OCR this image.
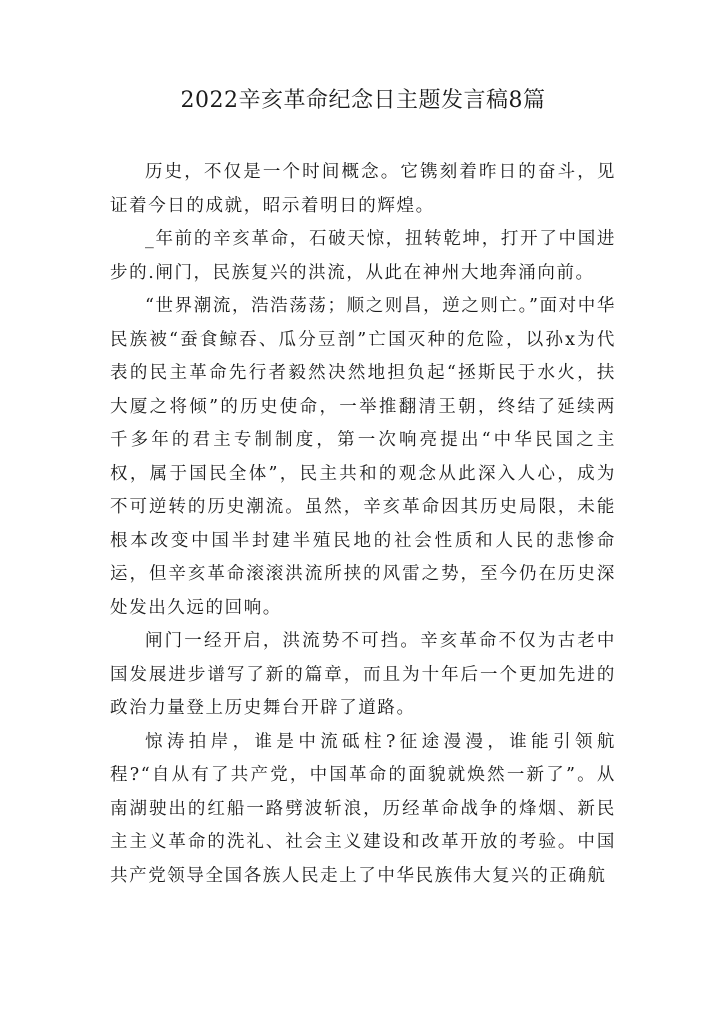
2022辛亥革命纪念日主题发言稿8篇

历史，不仅是一个时间概念。它镌刻着昨日的奋斗，见证着今日的成就，昭示着明日的辉煌。

_年前的辛亥革命，石破天惊，扭转乾坤，打开了中国进步的.闸门，民族复兴的洪流，从此在神州大地奔涌向前。

“世界潮流，浩浩荡荡；顺之则昌，逆之则亡。”面对中华民族被“蚕食鲸吞、瓜分豆剖”亡国灭种的危险，以孙x为代表的民主革命先行者毅然决然地担负起“拯斯民于水火，扶大厦之将倾”的历史使命，一举推翻清王朝，终结了延续两千多年的君主专制制度，第一次响亮提出“中华民国之主权，属于国民全体”，民主共和的观念从此深入人心，成为不可逆转的历史潮流。虽然，辛亥革命因其历史局限，未能根本改变中国半封建半殖民地的社会性质和人民的悲惨命运，但辛亥革命滚滚洪流所挟的风雷之势，至今仍在历史深处发出久远的回响。

闸门一经开启，洪流势不可挡。辛亥革命不仅为古老中国发展进步谱写了新的篇章，而且为十年后一个更加先进的政治力量登上历史舞台开辟了道路。

惊涛拍岸，谁是中流砥柱?征途漫漫，谁能引领航程?“自从有了共产党，中国革命的面貌就焕然一新了”。从南湖驶出的红船一路劈波斩浪，历经革命战争的烽烟、新民主主义革命的洗礼、社会主义建设和改革开放的考验。中国共产党领导全国各族人民走上了中华民族伟大复兴的正确航
